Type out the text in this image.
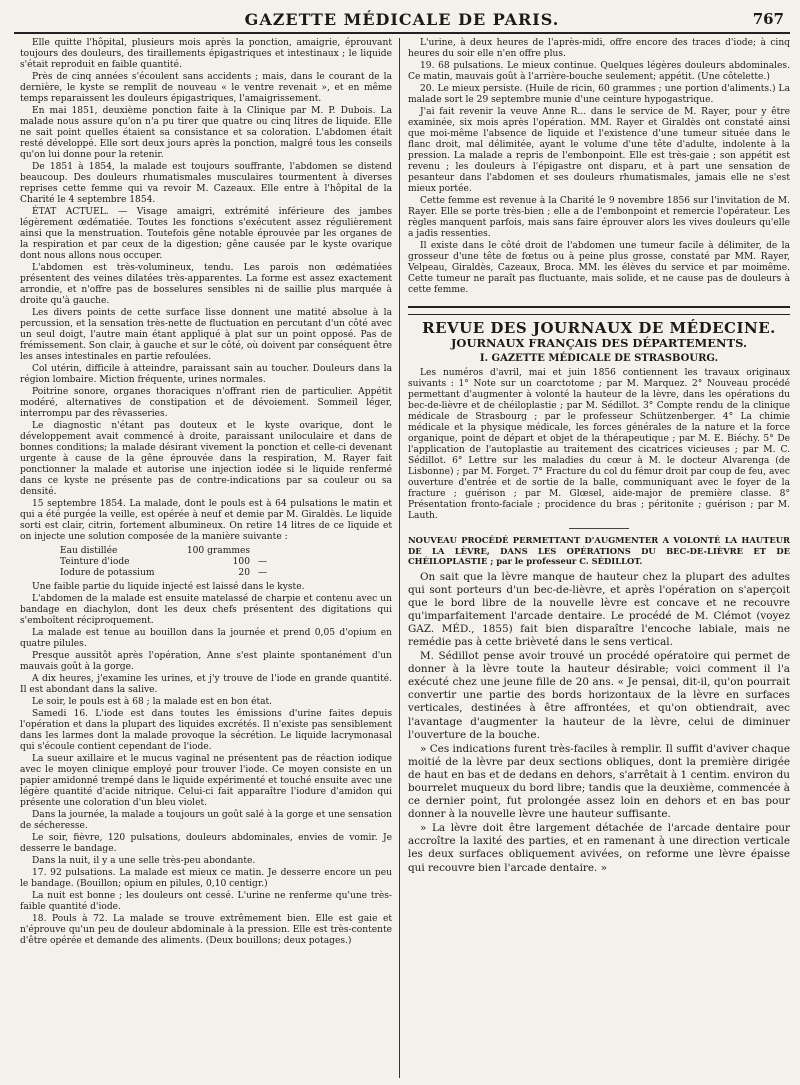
GAZETTE MÉDICALE DE PARIS.	767

Elle quitte l'hôpital, plusieurs mois après la ponction, amaigrie, éprouvant toujours des douleurs, des tiraillements épigastriques et intestinaux ; le liquide s'était reproduit en faible quantité.

Près de cinq années s'écoulent sans accidents ; mais, dans le courant de la dernière, le kyste se remplit de nouveau « le ventre revenait », et en même temps reparaissent les douleurs épigastriques, l'amaigrissement.

En mai 1851, deuxième ponction faite à la Clinique par M. P. Dubois. La malade nous assure qu'on n'a pu tirer que quatre ou cinq litres de liquide. Elle ne sait point quelles étaient sa consistance et sa coloration. L'abdomen était resté développé. Elle sort deux jours après la ponction, malgré tous les conseils qu'on lui donne pour la retenir.

De 1851 à 1854, la malade est toujours souffrante, l'abdomen se distend beaucoup. Des douleurs rhumatismales musculaires tourmentent à diverses reprises cette femme qui va revoir M. Cazeaux. Elle entre à l'hôpital de la Charité le 4 septembre 1854.

ÉTAT ACTUEL. — Visage amaigri, extrémité inférieure des jambes légèrement œdématiée. Toutes les fonctions s'exécutent assez régulièrement ainsi que la menstruation. Toutefois gêne notable éprouvée par les organes de la respiration et par ceux de la digestion; gêne causée par le kyste ovarique dont nous allons nous occuper.

L'abdomen est très-volumineux, tendu. Les parois non œdématiées présentent des veines dilatées très-apparentes. La forme est assez exactement arrondie, et n'offre pas de bosselures sensibles ni de saillie plus marquée à droite qu'à gauche.

Les divers points de cette surface lisse donnent une matité absolue à la percussion, et la sensation très-nette de fluctuation en percutant d'un côté avec un seul doigt, l'autre main étant appliqué à plat sur un point opposé. Pas de frémissement. Son clair, à gauche et sur le côté, où doivent par conséquent être les anses intestinales en partie refoulées.

Col utérin, difficile à atteindre, paraissant sain au toucher. Douleurs dans la région lombaire. Miction fréquente, urines normales.

Poitrine sonore, organes thoraciques n'offrant rien de particulier. Appétit modéré, alternatives de constipation et de dévoiement. Sommeil léger, interrompu par des rêvasseries.

Le diagnostic n'étant pas douteux et le kyste ovarique, dont le développement avait commencé à droite, paraissant uniloculaire et dans de bonnes conditions; la malade désirant vivement la ponction et celle-ci devenant urgente à cause de la gêne éprouvée dans la respiration, M. Rayer fait ponctionner la malade et autorise une injection iodée si le liquide renfermé dans ce kyste ne présente pas de contre-indications par sa couleur ou sa densité.

15 septembre 1854. La malade, dont le pouls est à 64 pulsations le matin et qui a été purgée la veille, est opérée à neuf et demie par M. Giraldès. Le liquide sorti est clair, citrin, fortement albumineux. On retire 14 litres de ce liquide et on injecte une solution composée de la manière suivante :

Eau distillée	100 grammes
Teinture d'iode	100 —
Iodure de potassium	20 —

Une faible partie du liquide injecté est laissé dans le kyste.

L'abdomen de la malade est ensuite matelassé de charpie et contenu avec un bandage en diachylon, dont les deux chefs présentent des digitations qui s'emboîtent réciproquement.

La malade est tenue au bouillon dans la journée et prend 0,05 d'opium en quatre pilules.

Presque aussitôt après l'opération, Anne s'est plainte spontanément d'un mauvais goût à la gorge.

A dix heures, j'examine les urines, et j'y trouve de l'iode en grande quantité. Il est abondant dans la salive.

Le soir, le pouls est à 68 ; la malade est en bon état.

Samedi 16. L'iode est dans toutes les émissions d'urine faites depuis l'opération et dans la plupart des liquides excrétés. Il n'existe pas sensiblement dans les larmes dont la malade provoque la sécrétion. Le liquide lacrymonasal qui s'écoule contient cependant de l'iode.

La sueur axillaire et le mucus vaginal ne présentent pas de réaction iodique avec le moyen clinique employé pour trouver l'iode. Ce moyen consiste en un papier amidonné trempé dans le liquide expérimenté et touché ensuite avec une légère quantité d'acide nitrique. Celui-ci fait apparaître l'iodure d'amidon qui présente une coloration d'un bleu violet.

Dans la journée, la malade a toujours un goût salé à la gorge et une sensation de sécheresse.

Le soir, fièvre, 120 pulsations, douleurs abdominales, envies de vomir. Je desserre le bandage.

Dans la nuit, il y a une selle très-peu abondante.

17. 92 pulsations. La malade est mieux ce matin. Je desserre encore un peu le bandage. (Bouillon; opium en pilules, 0,10 centigr.)

La nuit est bonne ; les douleurs ont cessé. L'urine ne renferme qu'une très-faible quantité d'iode.

18. Pouls à 72. La malade se trouve extrêmement bien. Elle est gaie et n'éprouve qu'un peu de douleur abdominale à la pression. Elle est très-contente d'être opérée et demande des aliments. (Deux bouillons; deux potages.)

L'urine, à deux heures de l'après-midi, offre encore des traces d'iode; à cinq heures du soir elle n'en offre plus.

19. 68 pulsations. Le mieux continue. Quelques légères douleurs abdominales. Ce matin, mauvais goût à l'arrière-bouche seulement; appétit. (Une côtelette.)

20. Le mieux persiste. (Huile de ricin, 60 grammes ; une portion d'aliments.) La malade sort le 29 septembre munie d'une ceinture hypogastrique.

J'ai fait revenir la veuve Anne R... dans le service de M. Rayer, pour y être examinée, six mois après l'opération. MM. Rayer et Giraldès ont constaté ainsi que moi-même l'absence de liquide et l'existence d'une tumeur située dans le flanc droit, mal délimitée, ayant le volume d'une tête d'adulte, indolente à la pression. La malade a repris de l'embonpoint. Elle est très-gaie ; son appétit est revenu ; les douleurs à l'épigastre ont disparu, et à part une sensation de pesanteur dans l'abdomen et ses douleurs rhumatismales, jamais elle ne s'est mieux portée.

Cette femme est revenue à la Charité le 9 novembre 1856 sur l'invitation de M. Rayer. Elle se porte très-bien ; elle a de l'embonpoint et remercie l'opérateur. Les règles manquent parfois, mais sans faire éprouver alors les vives douleurs qu'elle a jadis ressenties.

Il existe dans le côté droit de l'abdomen une tumeur facile à délimiter, de la grosseur d'une tête de fœtus ou à peine plus grosse, constaté par MM. Rayer, Velpeau, Giraldès, Cazeaux, Broca. MM. les élèves du service et par moimême. Cette tumeur ne paraît pas fluctuante, mais solide, et ne cause pas de douleurs à cette femme.

REVUE DES JOURNAUX DE MÉDECINE.
JOURNAUX FRANÇAIS DES DÉPARTEMENTS.
I. GAZETTE MÉDICALE DE STRASBOURG.

Les numéros d'avril, mai et juin 1856 contiennent les travaux originaux suivants : 1° Note sur un coarctotome ; par M. Marquez. 2° Nouveau procédé permettant d'augmenter à volonté la hauteur de la lèvre, dans les opérations du bec-de-lièvre et de chéiloplastie ; par M. Sédillot. 3° Compte rendu de la clinique médicale de Strasbourg ; par le professeur Schützenberger. 4° La chimie médicale et la physique médicale, les forces générales de la nature et la force organique, point de départ et objet de la thérapeutique ; par M. E. Biéchy. 5° De l'application de l'autoplastie au traitement des cicatrices vicieuses ; par M. C. Sédillot. 6° Lettre sur les maladies du cœur à M. le docteur Alvarenga (de Lisbonne) ; par M. Forget. 7° Fracture du col du fémur droit par coup de feu, avec ouverture d'entrée et de sortie de la balle, communiquant avec le foyer de la fracture ; guérison ; par M. Glœsel, aide-major de première classe. 8° Présentation fronto-faciale ; procidence du bras ; péritonite ; guérison ; par M. Lauth.

NOUVEAU PROCÉDÉ PERMETTANT D'AUGMENTER A VOLONTÉ LA HAUTEUR DE LA LÈVRE, DANS LES OPÉRATIONS DU BEC-DE-LIÈVRE ET DE CHÉILOPLASTIE ; par le professeur C. SÉDILLOT.

On sait que la lèvre manque de hauteur chez la plupart des adultes qui sont porteurs d'un bec-de-lièvre, et après l'opération on s'aperçoit que le bord libre de la nouvelle lèvre est concave et ne recouvre qu'imparfaitement l'arcade dentaire. Le procédé de M. Clémot (voyez GAZ. MÉD., 1855) fait bien disparaître l'encoche labiale, mais ne remédie pas à cette brièveté dans le sens vertical.

M. Sédillot pense avoir trouvé un procédé opératoire qui permet de donner à la lèvre toute la hauteur désirable; voici comment il l'a exécuté chez une jeune fille de 20 ans. « Je pensai, dit-il, qu'on pourrait convertir une partie des bords horizontaux de la lèvre en surfaces verticales, destinées à être affrontées, et qu'on obtiendrait, avec l'avantage d'augmenter la hauteur de la lèvre, celui de diminuer l'ouverture de la bouche.

» Ces indications furent très-faciles à remplir. Il suffit d'aviver chaque moitié de la lèvre par deux sections obliques, dont la première dirigée de haut en bas et de dedans en dehors, s'arrêtait à 1 centim. environ du bourrelet muqueux du bord libre; tandis que la deuxième, commencée à ce dernier point, fut prolongée assez loin en dehors et en bas pour donner à la nouvelle lèvre une hauteur suffisante.

» La lèvre doit être largement détachée de l'arcade dentaire pour accroître la laxité des parties, et en ramenant à une direction verticale les deux surfaces obliquement avivées, on reforme une lèvre épaisse qui recouvre bien l'arcade dentaire. »
